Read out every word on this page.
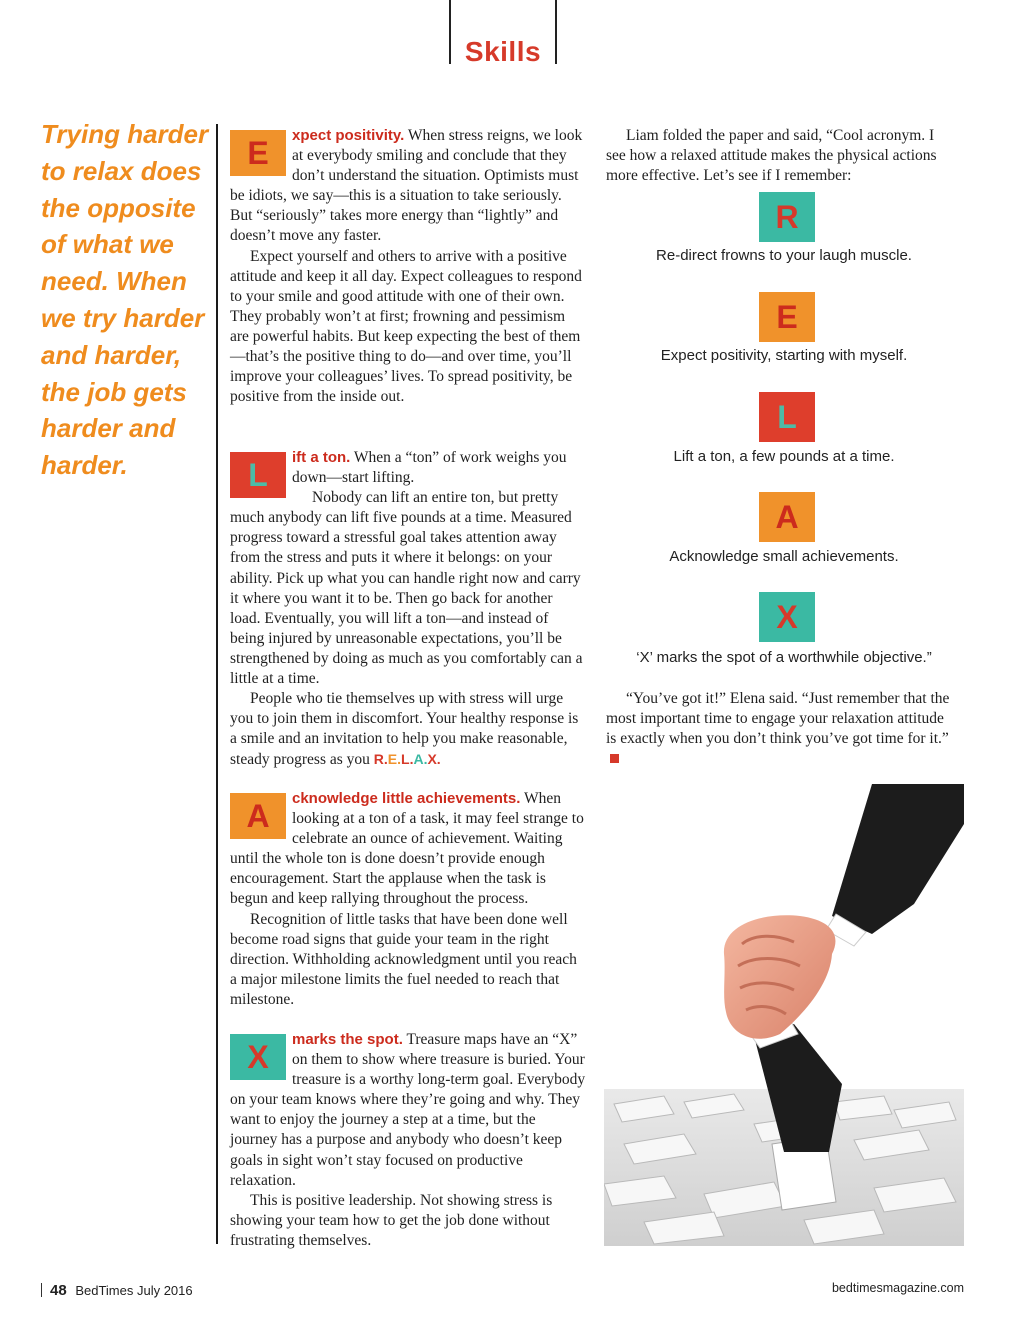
Skills
Trying harder to relax does the opposite of what we need. When we try harder and harder, the job gets harder and harder.
E	xpect positivity. When stress reigns, we look at everybody smiling and conclude that they don’t understand the situation. Optimists must be idiots, we say—this is a situation to take seriously. But “seriously” takes more energy than “lightly” and doesn’t move any faster.

Expect yourself and others to arrive with a positive attitude and keep it all day. Expect colleagues to respond to your smile and good attitude with one of their own. They probably won’t at first; frowning and pessimism are powerful habits. But keep expecting the best of them—that’s the positive thing to do—and over time, you’ll improve your colleagues’ lives. To spread positivity, be positive from the inside out.

L	ift a ton. When a “ton” of work weighs you down—start lifting.

Nobody can lift an entire ton, but pretty much anybody can lift five pounds at a time. Measured progress toward a stressful goal takes attention away from the stress and puts it where it belongs: on your ability. Pick up what you can handle right now and carry it where you want it to be. Then go back for another load. Eventually, you will lift a ton—and instead of being injured by unreasonable expectations, you’ll be strengthened by doing as much as you comfortably can a little at a time.

People who tie themselves up with stress will urge you to join them in discomfort. Your healthy response is a smile and an invitation to help you make reasonable, steady progress as you R.E.L.A.X.

A	cknowledge little achievements. When looking at a ton of a task, it may feel strange to celebrate an ounce of achievement. Waiting until the whole ton is done doesn’t provide enough encouragement. Start the applause when the task is begun and keep rallying throughout the process.

Recognition of little tasks that have been done well become road signs that guide your team in the right direction. Withholding acknowledgment until you reach a major milestone limits the fuel needed to reach that milestone.

X	marks the spot. Treasure maps have an “X” on them to show where treasure is buried. Your treasure is a worthy long-term goal. Everybody on your team knows where they’re going and why. They want to enjoy the journey a step at a time, but the journey has a purpose and anybody who doesn’t keep goals in sight won’t stay focused on productive relaxation.

This is positive leadership. Not showing stress is showing your team how to get the job done without frustrating themselves.

Liam folded the paper and said, “Cool acronym. I see how a relaxed attitude makes the physical actions more effective. Let’s see if I remember:

R
Re-direct frowns to your laugh muscle.
E
Expect positivity, starting with myself.
L
Lift a ton, a few pounds at a time.
A
Acknowledge small achievements.
X
‘X’ marks the spot of a worthwhile objective.”

“You’ve got it!” Elena said. “Just remember that the most important time to engage your relaxation attitude is exactly when you don’t think you’ve got time for it.”

48 BedTimes July 2016	bedtimesmagazine.com
